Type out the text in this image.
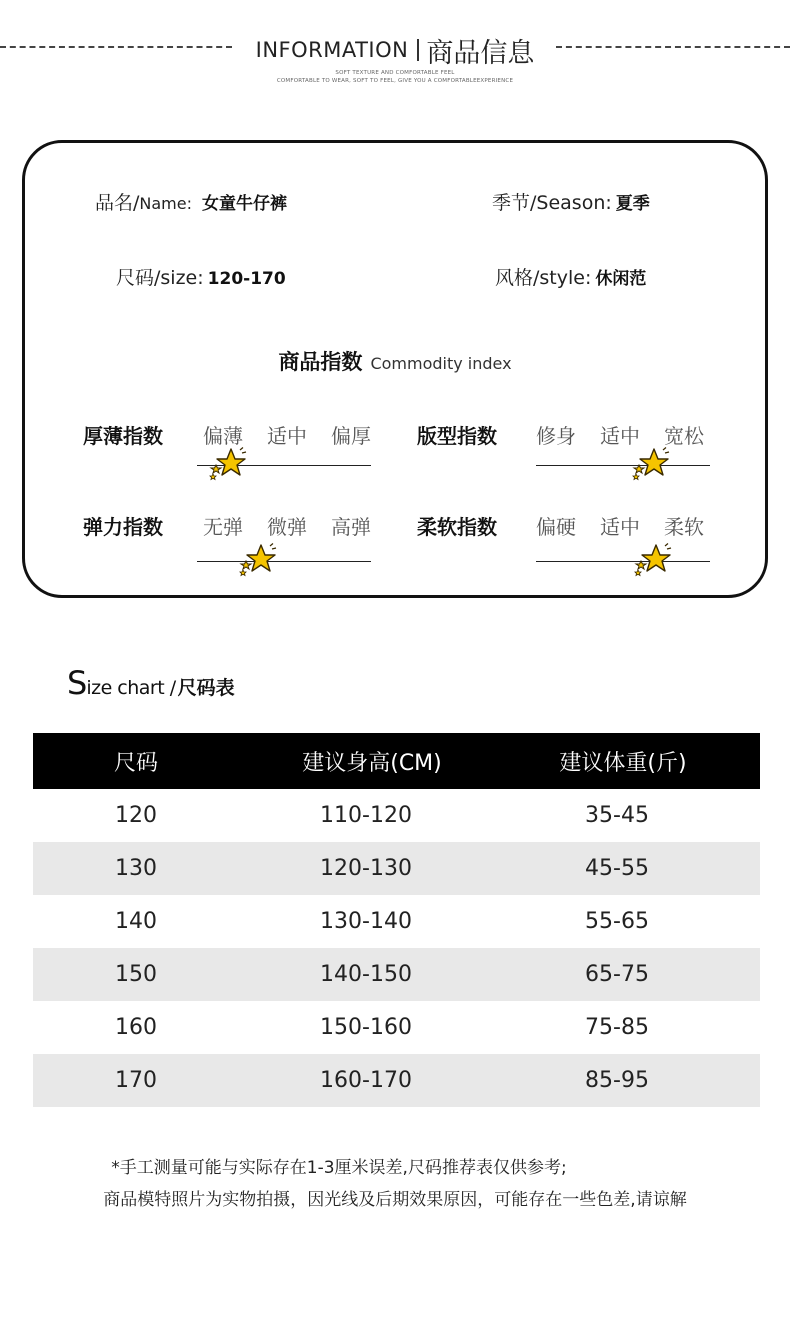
INFORMATION 商品信息
SOFT TEXTURE AND COMFORTABLE FEEL
COMFORTABLE TO WEAR, SOFT TO FEEL, GIVE YOU A COMFORTABLEEXPERIENCE
品名/Name: 女童牛仔裤	季节/Season: 夏季
尺码/size: 120-170	风格/style: 休闲范
商品指数 Commodity index
厚薄指数 偏薄 适中 偏厚 版型指数 修身 适中 宽松
弹力指数 无弹 微弹 高弹 柔软指数 偏硬 适中 柔软
S ize chart / 尺码表
尺码	建议身高(CM)	建议体重(斤)
120	110-120	35-45
130	120-130	45-55
140	130-140	55-65
150	140-150	65-75
160	150-160	75-85
170	160-170	85-95
*手工测量可能与实际存在1-3厘米误差,尺码推荐表仅供参考;
商品模特照片为实物拍摄，因光线及后期效果原因，可能存在一些色差,请谅解
